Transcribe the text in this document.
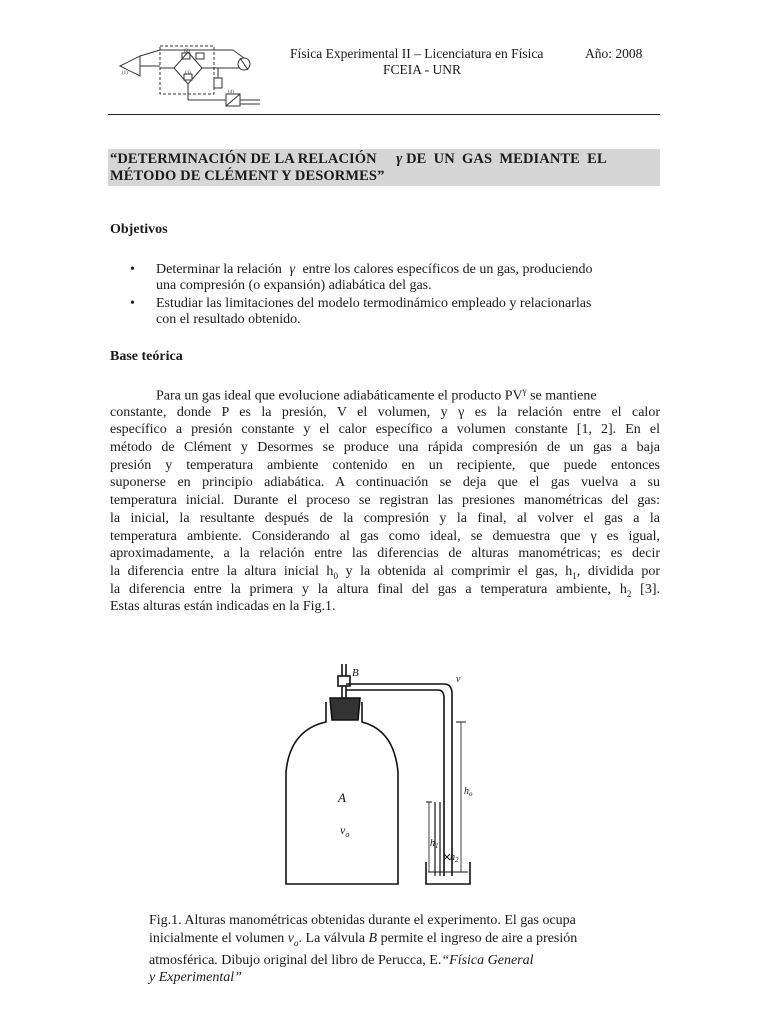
(1)
(2)
(3)
(4)
Física Experimental II – Licenciatura en Física	Año: 2008
FCEIA - UNR
“DETERMINACIÓN DE LA RELACIÓN γ DE UN GAS MEDIANTE EL
MÉTODO DE CLÉMENT Y DESORMES”
Objetivos
• Determinar la relación γ entre los calores específicos de un gas, produciendo
una compresión (o expansión) adiabática del gas.
• Estudiar las limitaciones del modelo termodinámico empleado y relacionarlas
con el resultado obtenido.
Base teórica
Para un gas ideal que evolucione adiabáticamente el producto $PV^\gamma$ se mantiene
constante, donde P es la presión, V el volumen, y γ es la relación entre el calor
específico a presión constante y el calor específico a volumen constante [1, 2]. En el
método de Clément y Desormes se produce una rápida compresión de un gas a baja
presión y temperatura ambiente contenido en un recipiente, que puede entonces
suponerse en principio adiabática. A continuación se deja que el gas vuelva a su
temperatura inicial. Durante el proceso se registran las presiones manométricas del gas:
la inicial, la resultante después de la compresión y la final, al volver el gas a la
temperatura ambiente. Considerando al gas como ideal, se demuestra que γ es igual,
aproximadamente, a la relación entre las diferencias de alturas manométricas; es decir
la diferencia entre la altura inicial $h_0$ y la obtenida al comprimir el gas, $h_1$, dividida por
la diferencia entre la primera y la altura final del gas a temperatura ambiente, $h_2$ [3].
Estas alturas están indicadas en la Fig.1.
B
v
A
$v_o$
$h_o$
$h_1$
$h_2$
Fig.1. Alturas manométricas obtenidas durante el experimento. El gas ocupa
inicialmente el volumen $v_o$. La válvula B permite el ingreso de aire a presión
atmosférica. Dibujo original del libro de Perucca, E.“Física General
y Experimental”
